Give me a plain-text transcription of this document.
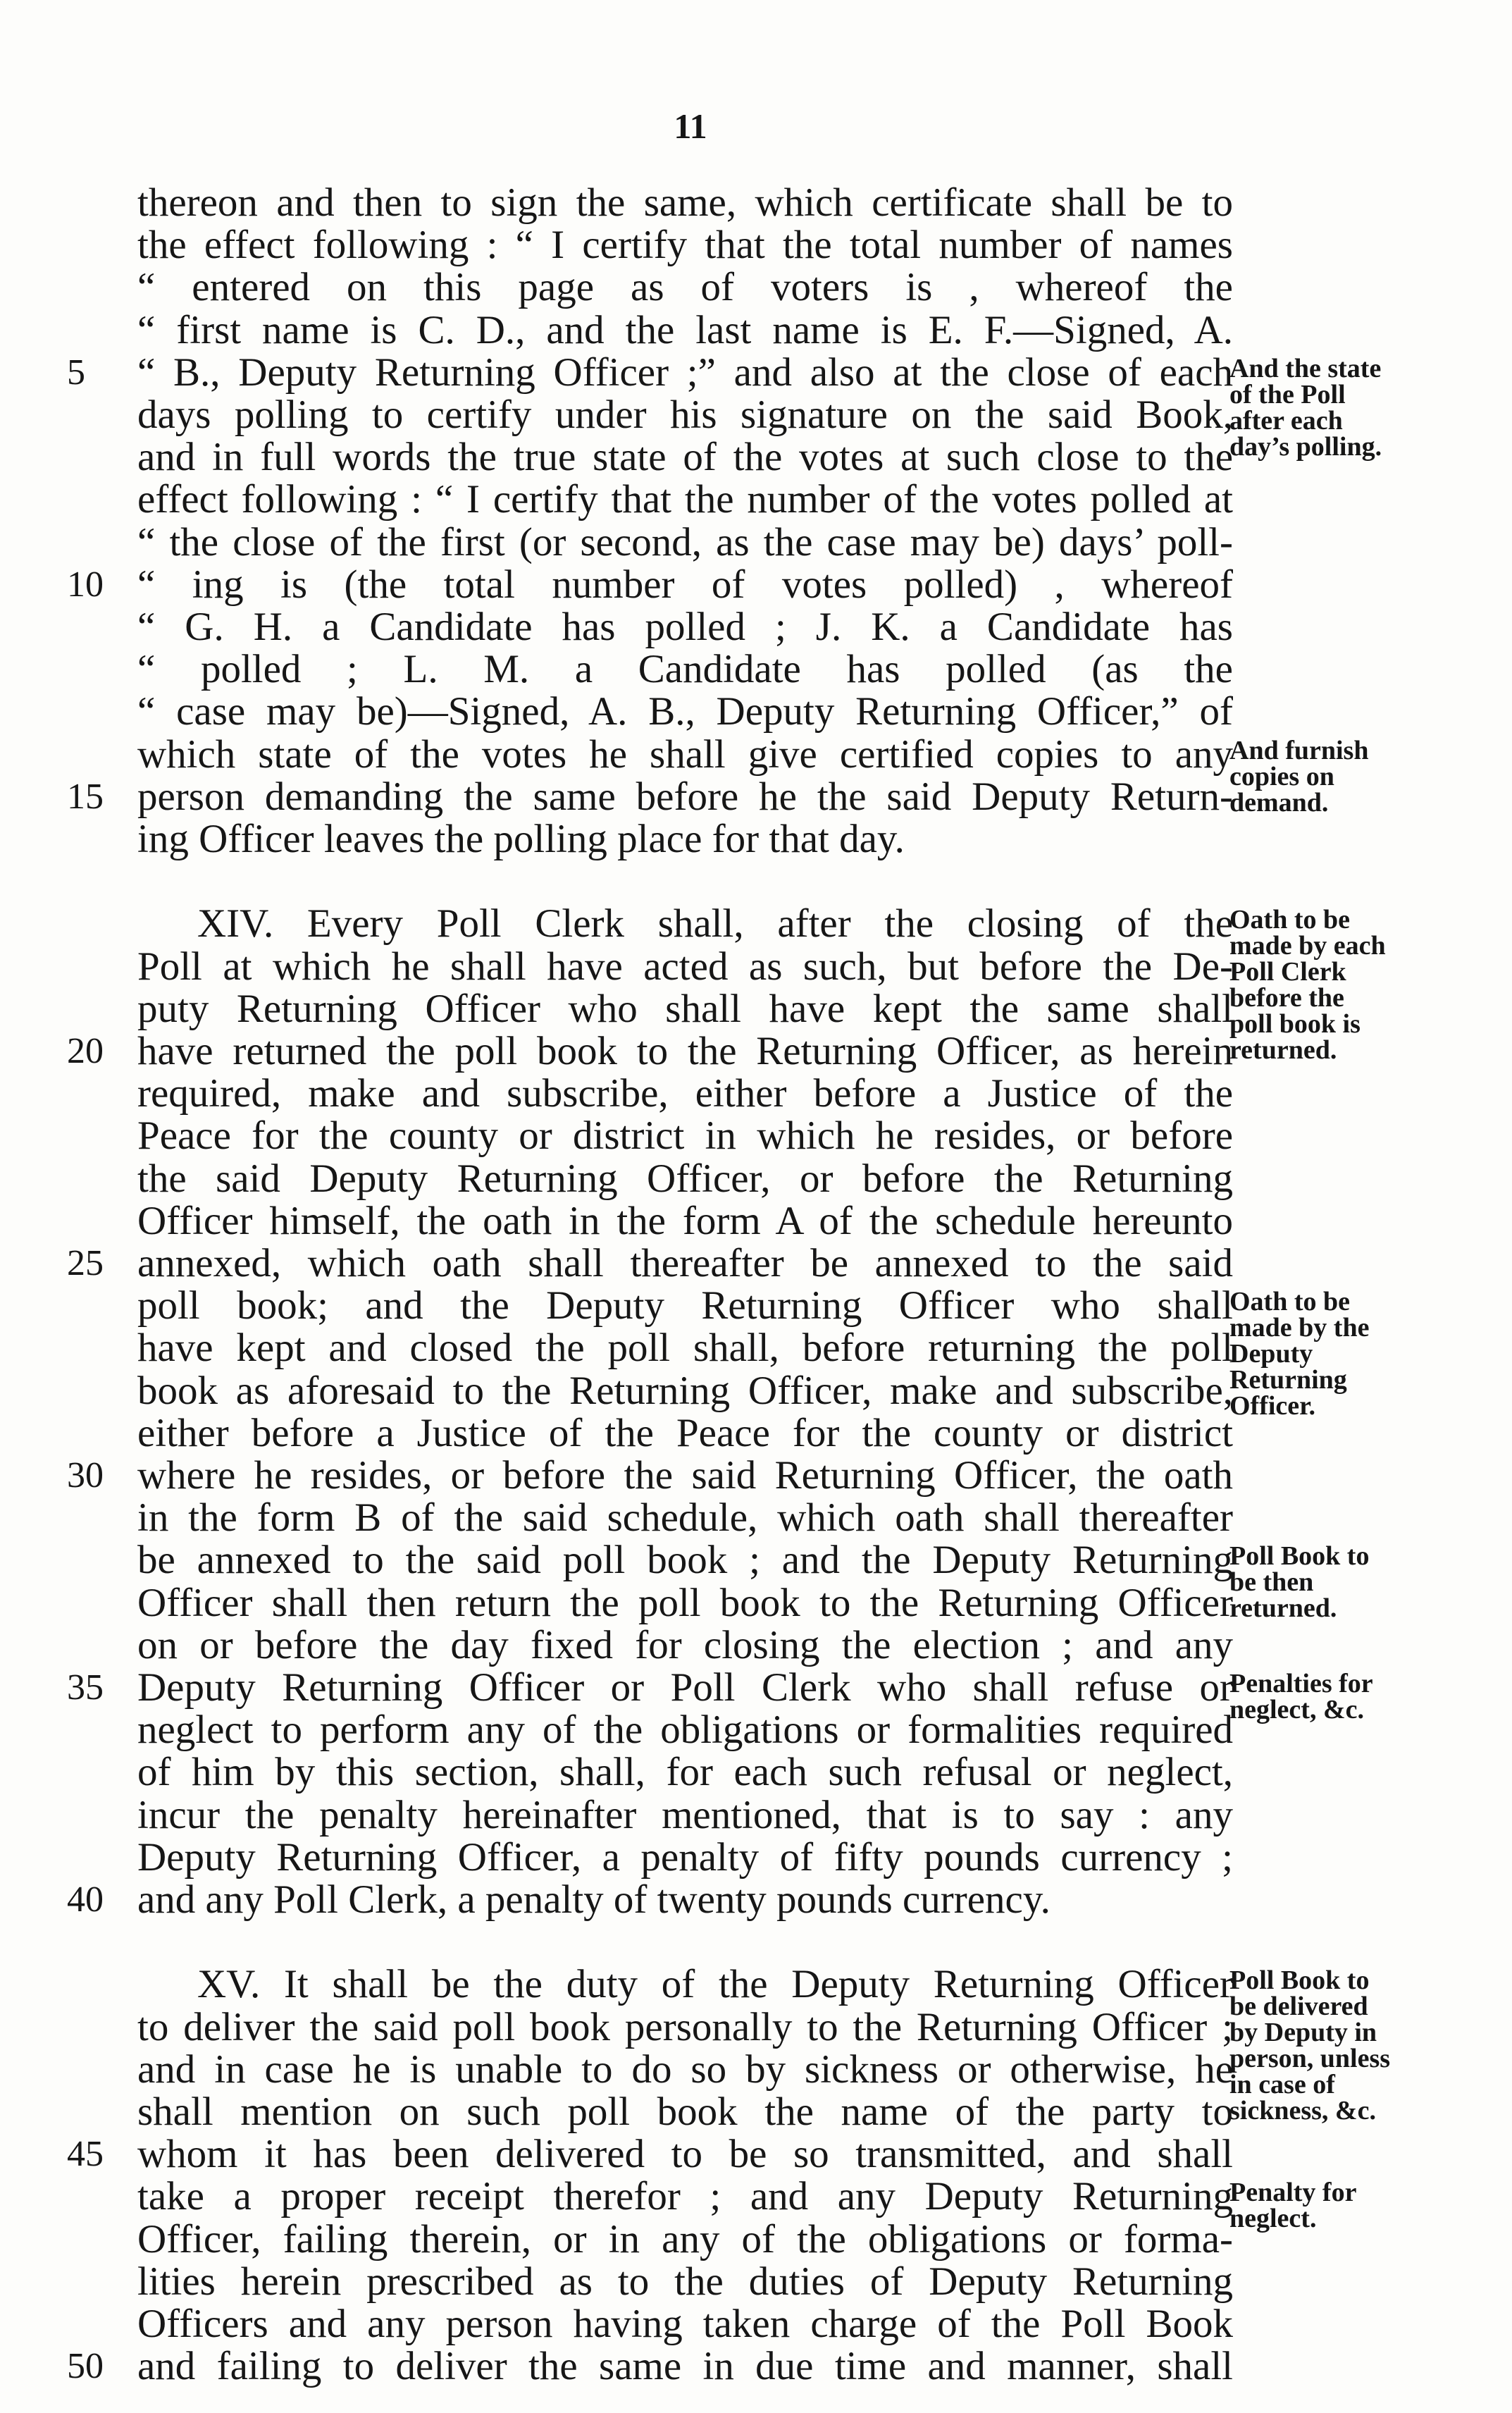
11
thereon and then to sign the same, which certificate shall be to
the effect following : “ I certify that the total number of names
“ entered on this page as of voters is , whereof the
“ first name is C. D., and the last name is E. F.—Signed, A.
“ B., Deputy Returning Officer ;” and also at the close of each
5
days polling to certify under his signature on the said Book,
and in full words the true state of the votes at such close to the
effect following : “ I certify that the number of the votes polled at
“ the close of the first (or second, as the case may be) days’ poll-
“ ing is (the total number of votes polled) , whereof
10
“ G. H. a Candidate has polled ; J. K. a Candidate has
“ polled ; L. M. a Candidate has polled (as the
“ case may be)—Signed, A. B., Deputy Returning Officer,” of
which state of the votes he shall give certified copies to any
person demanding the same before he the said Deputy Return-
15
ing Officer leaves the polling place for that day.
XIV. Every Poll Clerk shall, after the closing of the
Poll at which he shall have acted as such, but before the De-
puty Returning Officer who shall have kept the same shall
have returned the poll book to the Returning Officer, as herein
20
required, make and subscribe, either before a Justice of the
Peace for the county or district in which he resides, or before
the said Deputy Returning Officer, or before the Returning
Officer himself, the oath in the form A of the schedule hereunto
annexed, which oath shall thereafter be annexed to the said
25
poll book; and the Deputy Returning Officer who shall
have kept and closed the poll shall, before returning the poll
book as aforesaid to the Returning Officer, make and subscribe,
either before a Justice of the Peace for the county or district
where he resides, or before the said Returning Officer, the oath
30
in the form B of the said schedule, which oath shall thereafter
be annexed to the said poll book ; and the Deputy Returning
Officer shall then return the poll book to the Returning Officer
on or before the day fixed for closing the election ; and any
Deputy Returning Officer or Poll Clerk who shall refuse or
35
neglect to perform any of the obligations or formalities required
of him by this section, shall, for each such refusal or neglect,
incur the penalty hereinafter mentioned, that is to say : any
Deputy Returning Officer, a penalty of fifty pounds currency ;
and any Poll Clerk, a penalty of twenty pounds currency.
40
XV. It shall be the duty of the Deputy Returning Officer
to deliver the said poll book personally to the Returning Officer ;
and in case he is unable to do so by sickness or otherwise, he
shall mention on such poll book the name of the party to
whom it has been delivered to be so transmitted, and shall
45
take a proper receipt therefor ; and any Deputy Returning
Officer, failing therein, or in any of the obligations or forma-
lities herein prescribed as to the duties of Deputy Returning
Officers and any person having taken charge of the Poll Book
and failing to deliver the same in due time and manner, shall
50
And the state
of the Poll
after each
day’s polling.
And furnish
copies on
demand.
Oath to be
made by each
Poll Clerk
before the
poll book is
returned.
Oath to be
made by the
Deputy
Returning
Officer.
Poll Book to
be then
returned.
Penalties for
neglect, &c.
Poll Book to
be delivered
by Deputy in
person, unless
in case of
sickness, &c.
Penalty for
neglect.
